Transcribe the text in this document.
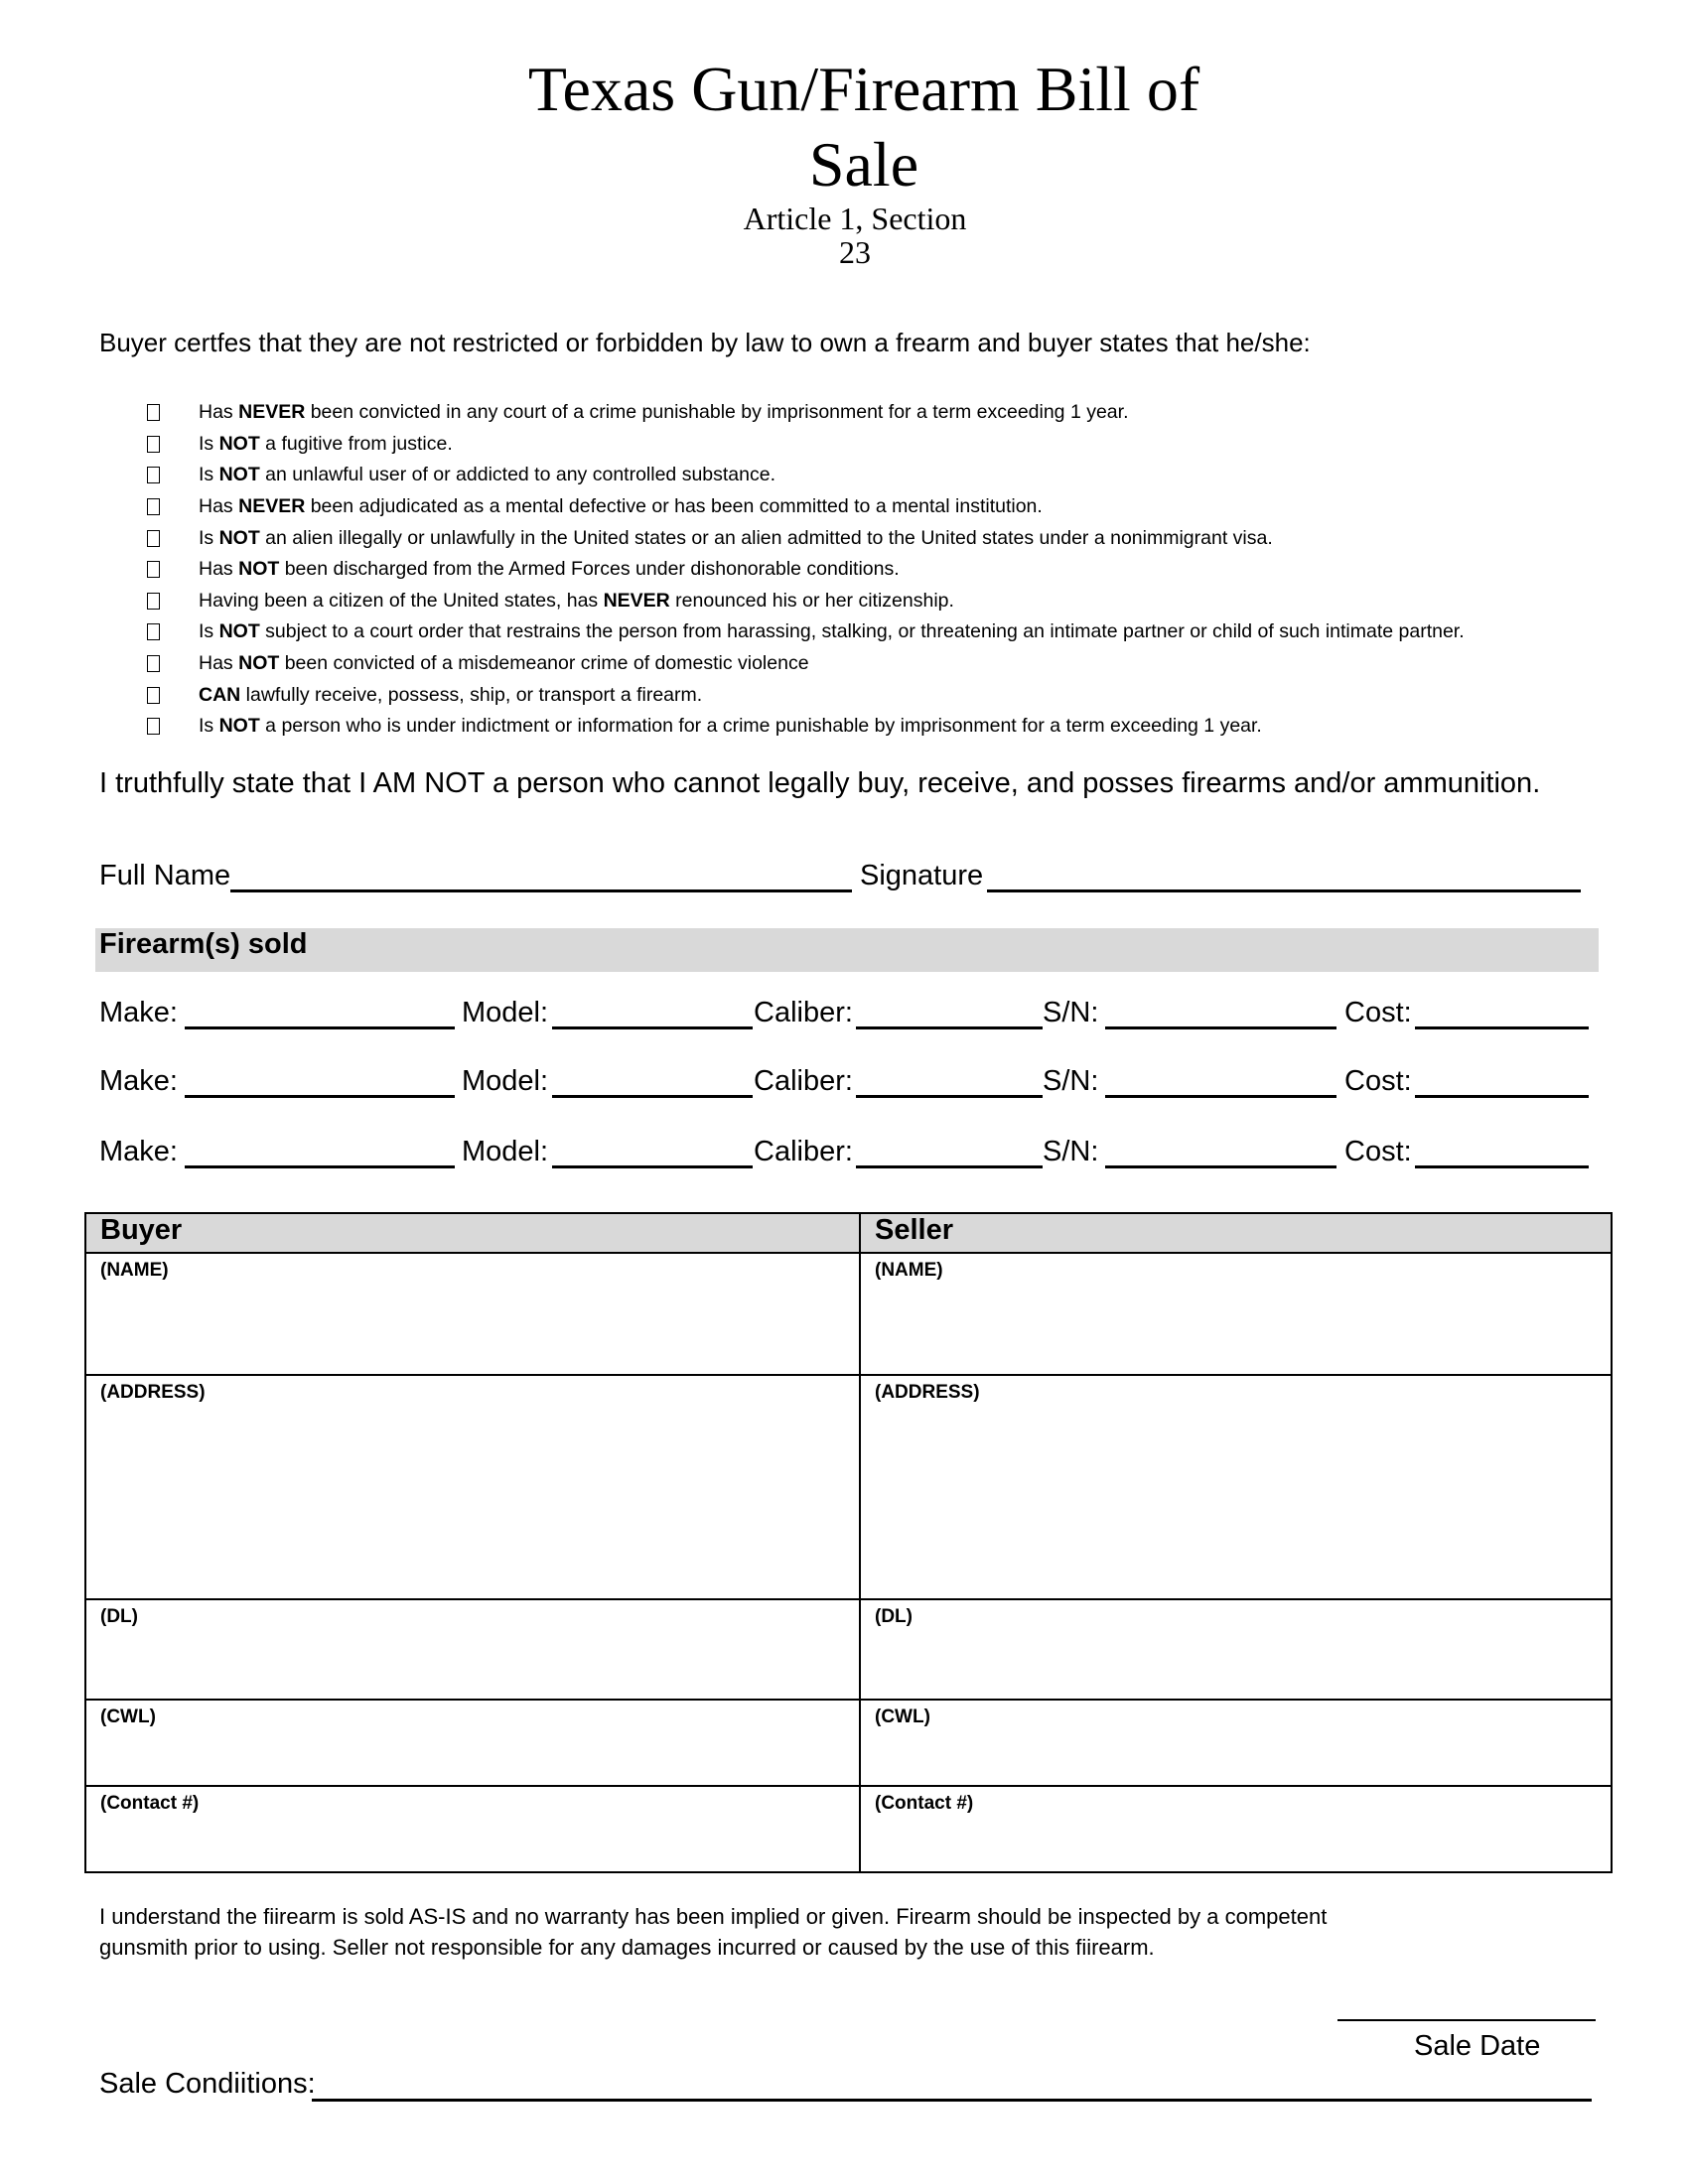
Texas Gun/Firearm Bill of
Sale
Article 1, Section
23
Buyer certfes that they are not restricted or forbidden by law to own a frearm and buyer states that he/she:
Has NEVER been convicted in any court of a crime punishable by imprisonment for a term exceeding 1 year.
Is NOT a fugitive from justice.
Is NOT an unlawful user of or addicted to any controlled substance.
Has NEVER been adjudicated as a mental defective or has been committed to a mental institution.
Is NOT an alien illegally or unlawfully in the United states or an alien admitted to the United states under a nonimmigrant visa.
Has NOT been discharged from the Armed Forces under dishonorable conditions.
Having been a citizen of the United states, has NEVER renounced his or her citizenship.
Is NOT subject to a court order that restrains the person from harassing, stalking, or threatening an intimate partner or child of such intimate partner.
Has NOT been convicted of a misdemeanor crime of domestic violence
CAN lawfully receive, possess, ship, or transport a firearm.
Is NOT a person who is under indictment or information for a crime punishable by imprisonment for a term exceeding 1 year.
I truthfully state that I AM NOT a person who cannot legally buy, receive, and posses firearms and/or ammunition.
Full Name	Signature
Firearm(s) sold
Make:	Model:	Caliber:	S/N:	Cost:
Make:	Model:	Caliber:	S/N:	Cost:
Make:	Model:	Caliber:	S/N:	Cost:
Buyer	Seller
(NAME)	(NAME)
(ADDRESS)	(ADDRESS)
(DL)	(DL)
(CWL)	(CWL)
(Contact #)	(Contact #)
I understand the fiirearm is sold AS-IS and no warranty has been implied or given. Firearm should be inspected by a competent gunsmith prior to using. Seller not responsible for any damages incurred or caused by the use of this fiirearm.
Sale Date
Sale Condiitions:
